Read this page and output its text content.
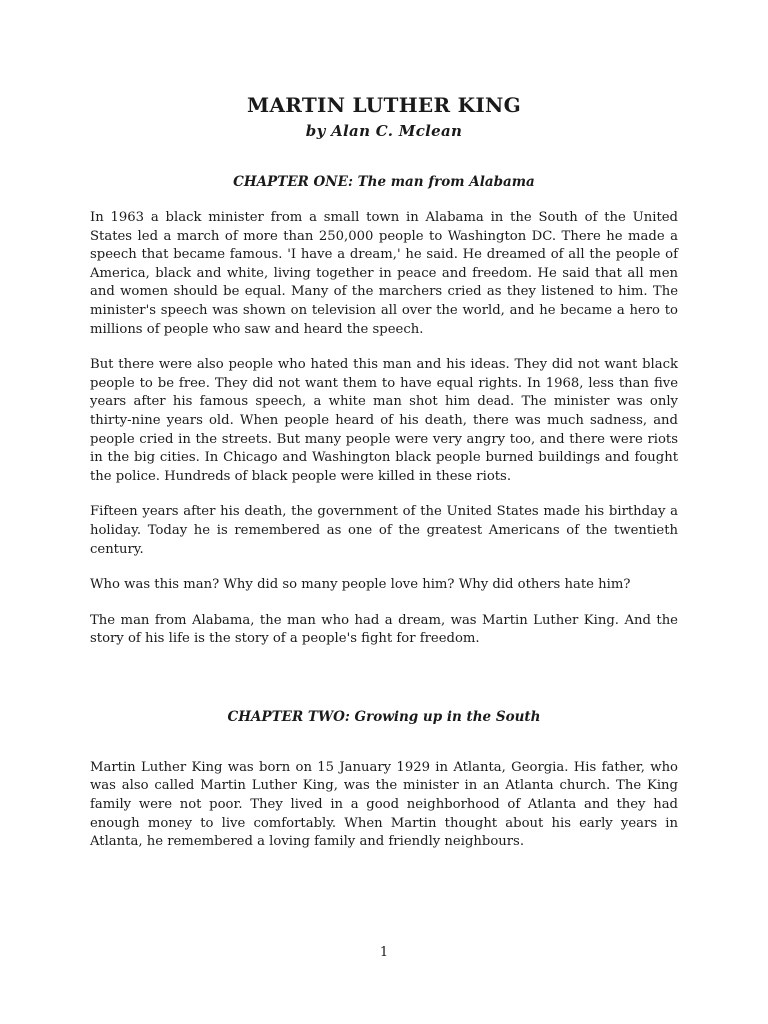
MARTIN LUTHER KING

by Alan C. Mclean

CHAPTER ONE: The man from Alabama

In 1963 a black minister from a small town in Alabama in the South of the United States led a march of more than 250,000 people to Washington DC. There he made a speech that became famous. 'I have a dream,' he said. He dreamed of all the people of America, black and white, living together in peace and freedom. He said that all men and women should be equal. Many of the marchers cried as they listened to him. The minister's speech was shown on television all over the world, and he became a hero to millions of people who saw and heard the speech.

But there were also people who hated this man and his ideas. They did not want black people to be free. They did not want them to have equal rights. In 1968, less than five years after his famous speech, a white man shot him dead. The minister was only thirty-nine years old. When people heard of his death, there was much sadness, and people cried in the streets. But many people were very angry too, and there were riots in the big cities. In Chicago and Washington black people burned buildings and fought the police. Hundreds of black people were killed in these riots.

Fifteen years after his death, the government of the United States made his birthday a holiday. Today he is remembered as one of the greatest Americans of the twentieth century.

Who was this man? Why did so many people love him? Why did others hate him?

The man from Alabama, the man who had a dream, was Martin Luther King. And the story of his life is the story of a people's fight for freedom.

CHAPTER TWO: Growing up in the South

Martin Luther King was born on 15 January 1929 in Atlanta, Georgia. His father, who was also called Martin Luther King, was the minister in an Atlanta church. The King family were not poor. They lived in a good neighborhood of Atlanta and they had enough money to live comfortably. When Martin thought about his early years in Atlanta, he remembered a loving family and friendly neighbours.

1
